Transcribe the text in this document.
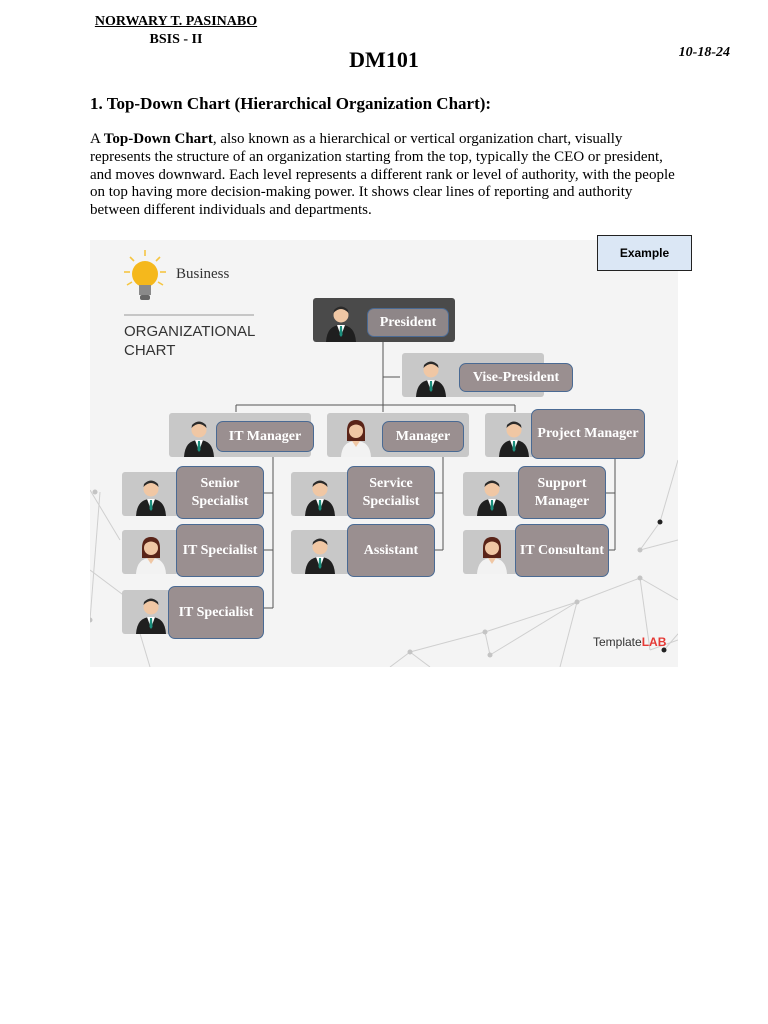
NORWARY T. PASINABO
BSIS - II
DM101	10-18-24
1. Top-Down Chart (Hierarchical Organization Chart):
A Top-Down Chart, also known as a hierarchical or vertical organization chart, visually represents the structure of an organization starting from the top, typically the CEO or president, and moves downward. Each level represents a different rank or level of authority, with the people on top having more decision-making power. It shows clear lines of reporting and authority between different individuals and departments.
Business
ORGANIZATIONAL
CHART
President
Vise-President
IT Manager	Manager	Project Manager
Senior Specialist
IT Specialist
IT Specialist
Service Specialist
Assistant
Support Manager
IT Consultant
TemplateLAB
Example
